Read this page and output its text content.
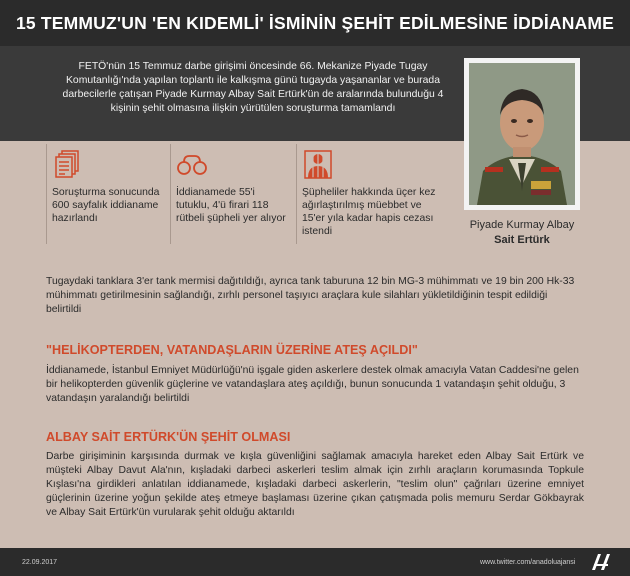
15 TEMMUZ'UN 'EN KIDEMLİ' İSMİNİN ŞEHİT EDİLMESİNE İDDİANAME

FETÖ'nün 15 Temmuz darbe girişimi öncesinde 66. Mekanize Piyade Tugay Komutanlığı'nda yapılan toplantı ile kalkışma günü tugayda yaşananlar ve burada darbecilerle çatışan Piyade Kurmay Albay Sait Ertürk'ün de aralarında bulunduğu 4 kişinin şehit olmasına ilişkin yürütülen soruşturma tamamlandı

Piyade Kurmay Albay
Sait Ertürk

Soruşturma sonucunda 600 sayfalık iddianame hazırlandı

İddianamede 55'i tutuklu, 4'ü firari 118 rütbeli şüpheli yer alıyor

Şüpheliler hakkında üçer kez ağırlaştırılmış müebbet ve 15'er yıla kadar hapis cezası istendi

Tugaydaki tanklara 3'er tank mermisi dağıtıldığı, ayrıca tank taburuna 12 bin MG-3 mühimmatı ve 19 bin 200 Hk-33 mühimmatı getirilmesinin sağlandığı, zırhlı personel taşıyıcı araçlara kule silahları yükletildiğinin tespit edildiği belirtildi

"HELİKOPTERDEN, VATANDAŞLARIN ÜZERİNE ATEŞ AÇILDI"

İddianamede, İstanbul Emniyet Müdürlüğü'nü işgale giden askerlere destek olmak amacıyla Vatan Caddesi'ne gelen bir helikopterden güvenlik güçlerine ve vatandaşlara ateş açıldığı, bunun sonucunda 1 vatandaşın şehit olduğu, 3 vatandaşın yaralandığı belirtildi

ALBAY SAİT ERTÜRK'ÜN ŞEHİT OLMASI

Darbe girişiminin karşısında durmak ve kışla güvenliğini sağlamak amacıyla hareket eden Albay Sait Ertürk ve müşteki Albay Davut Ala'nın, kışladaki darbeci askerleri teslim almak için zırhlı araçların korumasında Topkule Kışlası'na girdikleri anlatılan iddianamede, kışladaki darbeci askerlerin, "teslim olun" çağrıları üzerine emniyet güçlerinin üzerine yoğun şekilde ateş etmeye başlaması üzerine çıkan çatışmada polis memuru Serdar Gökbayrak ve Albay Sait Ertürk'ün vurularak şehit olduğu aktarıldı

22.09.2017	www.twitter.com/anadoluajansi
